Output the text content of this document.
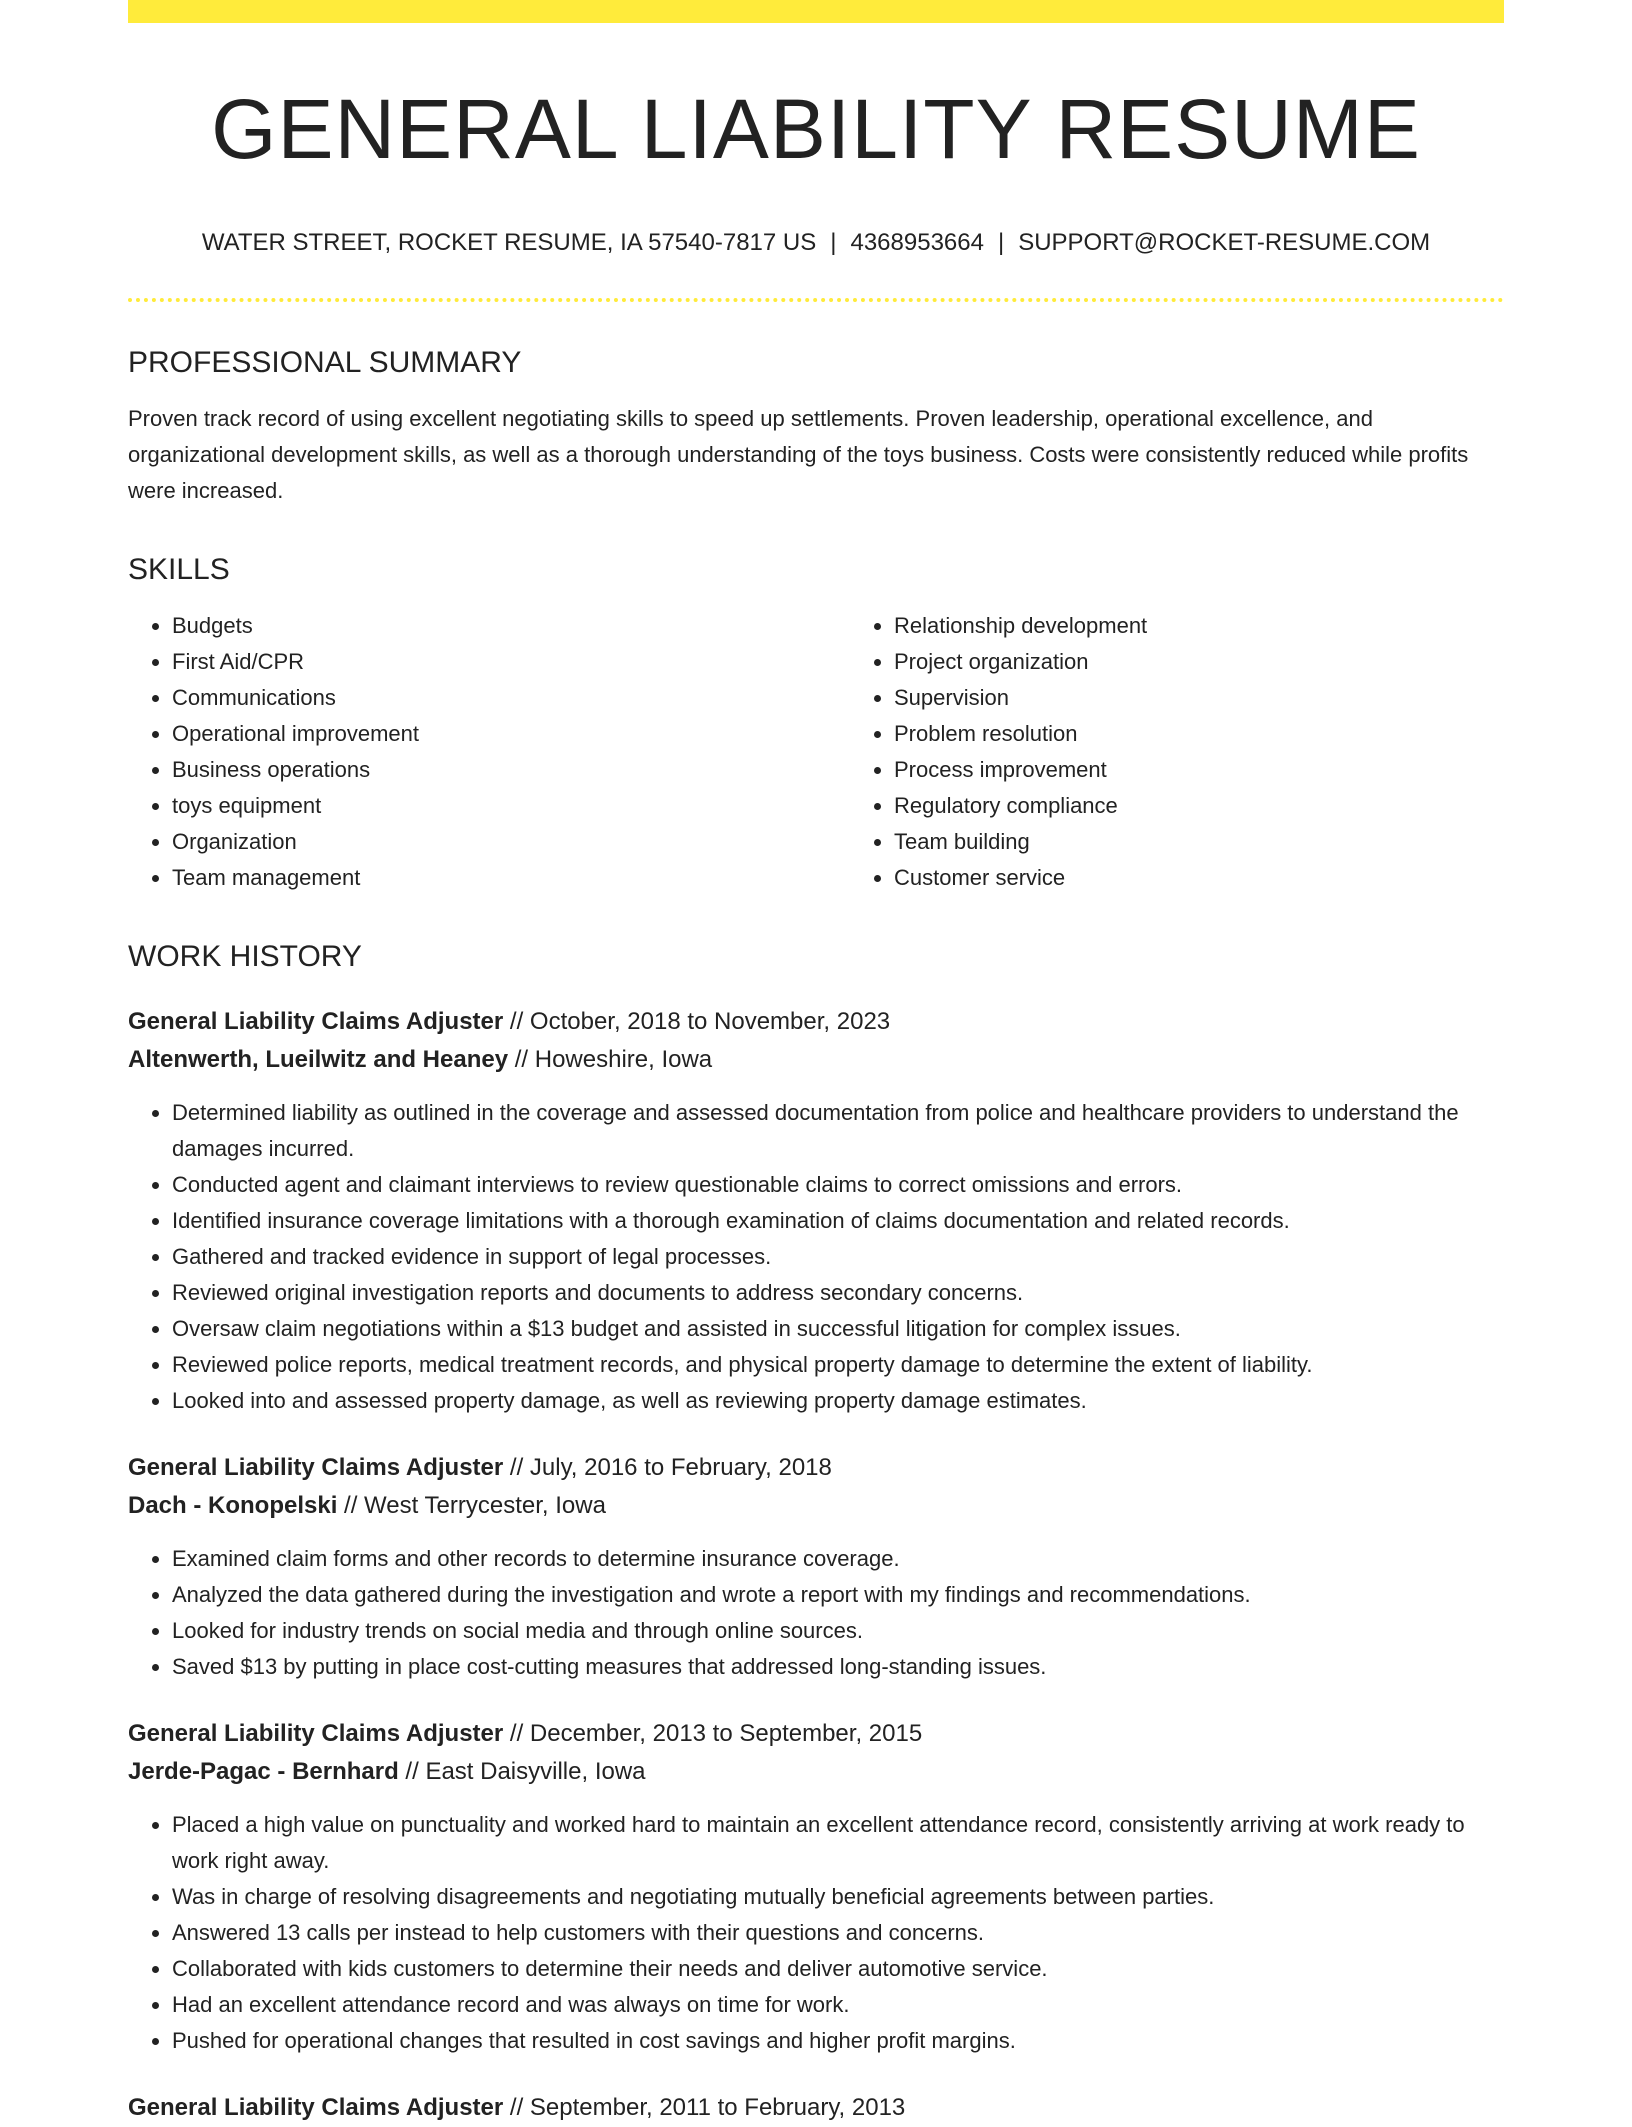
GENERAL LIABILITY RESUME
WATER STREET, ROCKET RESUME, IA 57540-7817 US | 4368953664 | SUPPORT@ROCKET-RESUME.COM
PROFESSIONAL SUMMARY
Proven track record of using excellent negotiating skills to speed up settlements. Proven leadership, operational excellence, and organizational development skills, as well as a thorough understanding of the toys business. Costs were consistently reduced while profits were increased.
SKILLS
• Budgets
• First Aid/CPR
• Communications
• Operational improvement
• Business operations
• toys equipment
• Organization
• Team management
• Relationship development
• Project organization
• Supervision
• Problem resolution
• Process improvement
• Regulatory compliance
• Team building
• Customer service
WORK HISTORY
General Liability Claims Adjuster // October, 2018 to November, 2023
Altenwerth, Lueilwitz and Heaney // Howeshire, Iowa
• Determined liability as outlined in the coverage and assessed documentation from police and healthcare providers to understand the damages incurred.
• Conducted agent and claimant interviews to review questionable claims to correct omissions and errors.
• Identified insurance coverage limitations with a thorough examination of claims documentation and related records.
• Gathered and tracked evidence in support of legal processes.
• Reviewed original investigation reports and documents to address secondary concerns.
• Oversaw claim negotiations within a $13 budget and assisted in successful litigation for complex issues.
• Reviewed police reports, medical treatment records, and physical property damage to determine the extent of liability.
• Looked into and assessed property damage, as well as reviewing property damage estimates.
General Liability Claims Adjuster // July, 2016 to February, 2018
Dach - Konopelski // West Terrycester, Iowa
• Examined claim forms and other records to determine insurance coverage.
• Analyzed the data gathered during the investigation and wrote a report with my findings and recommendations.
• Looked for industry trends on social media and through online sources.
• Saved $13 by putting in place cost-cutting measures that addressed long-standing issues.
General Liability Claims Adjuster // December, 2013 to September, 2015
Jerde-Pagac - Bernhard // East Daisyville, Iowa
• Placed a high value on punctuality and worked hard to maintain an excellent attendance record, consistently arriving at work ready to work right away.
• Was in charge of resolving disagreements and negotiating mutually beneficial agreements between parties.
• Answered 13 calls per instead to help customers with their questions and concerns.
• Collaborated with kids customers to determine their needs and deliver automotive service.
• Had an excellent attendance record and was always on time for work.
• Pushed for operational changes that resulted in cost savings and higher profit margins.
General Liability Claims Adjuster // September, 2011 to February, 2013
